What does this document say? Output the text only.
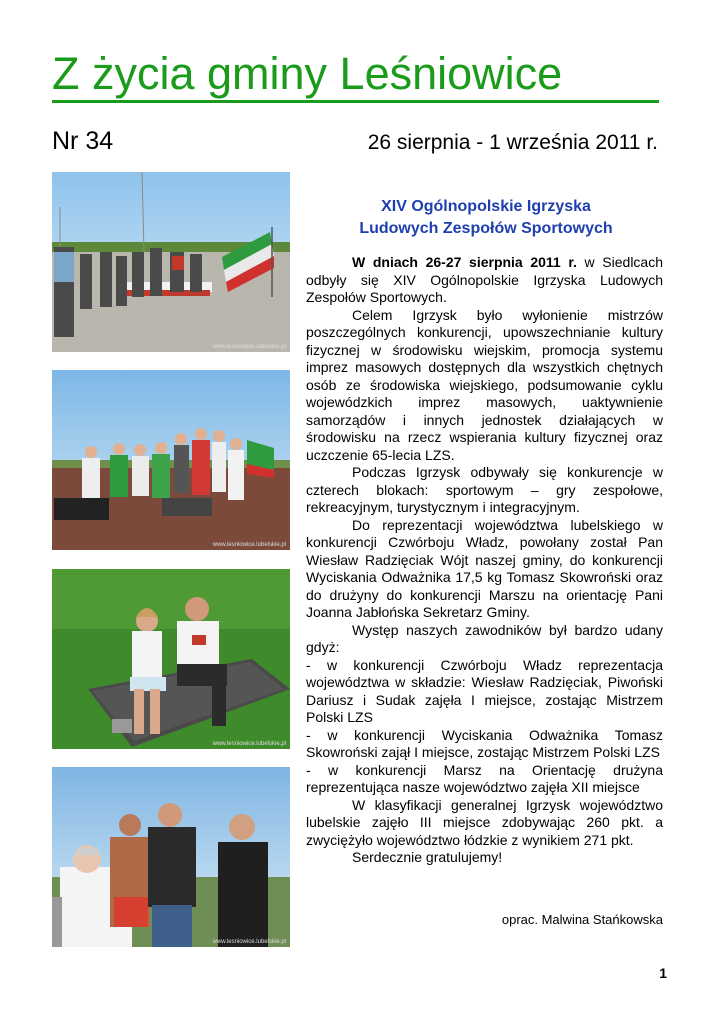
Z życia gminy Leśniowice
Nr 34	26 sierpnia - 1 września 2011 r.
www.lesniowice.lubelskie.pl
www.lesniowice.lubelskie.pl
www.lesniowice.lubelskie.pl
www.lesniowice.lubelskie.pl
XIV Ogólnopolskie Igrzyska
Ludowych Zespołów Sportowych

W dniach 26-27 sierpnia 2011 r. w Siedlcach odbyły się XIV Ogólnopolskie Igrzyska Ludowych Zespołów Sportowych.

Celem Igrzysk było wyłonienie mistrzów poszczególnych konkurencji, upowszechnianie kultury fizycznej w środowisku wiejskim, promocja systemu imprez masowych dostępnych dla wszystkich chętnych osób ze środowiska wiejskiego, podsumowanie cyklu wojewódzkich imprez masowych, uaktywnienie samorządów i innych jednostek działających w środowisku na rzecz wspierania kultury fizycznej oraz uczczenie 65-lecia LZS.

Podczas Igrzysk odbywały się konkurencje w czterech blokach: sportowym – gry zespołowe, rekreacyjnym, turystycznym i integracyjnym.

Do reprezentacji województwa lubelskiego w konkurencji Czwórboju Władz, powołany został Pan Wiesław Radzięciak Wójt naszej gminy, do konkurencji Wyciskania Odważnika 17,5 kg Tomasz Skowroński oraz do drużyny do konkurencji Marszu na orientację Pani Joanna Jabłońska Sekretarz Gminy.

Występ naszych zawodników był bardzo udany gdyż:

- w konkurencji Czwórboju Władz reprezentacja województwa w składzie: Wiesław Radzięciak, Piwoński Dariusz i Sudak zajęła I miejsce, zostając Mistrzem Polski LZS

- w konkurencji Wyciskania Odważnika Tomasz Skowroński zajął I miejsce, zostając Mistrzem Polski LZS

- w konkurencji Marsz na Orientację drużyna reprezentująca nasze województwo zajęła XII miejsce

W klasyfikacji generalnej Igrzysk województwo lubelskie zajęło III miejsce zdobywając 260 pkt. a zwyciężyło województwo łódzkie z wynikiem 271 pkt.

Serdecznie gratulujemy!

oprac. Malwina Stańkowska
1
